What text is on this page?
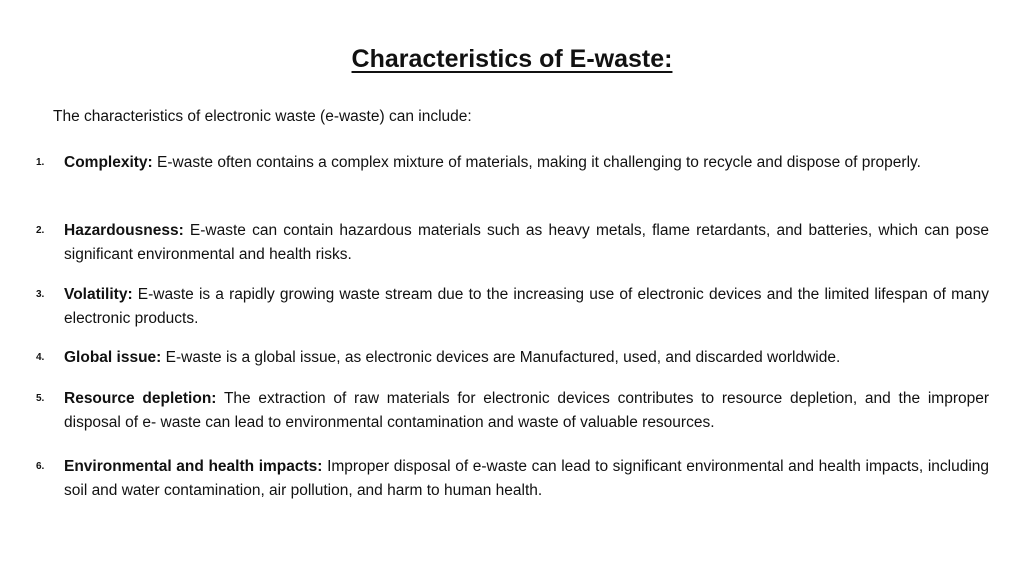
Characteristics of E-waste:

The characteristics of electronic waste (e-waste) can include:

1. Complexity: E-waste often contains a complex mixture of materials, making it challenging to recycle and dispose of properly.

2. Hazardousness: E-waste can contain hazardous materials such as heavy metals, flame retardants, and batteries, which can pose significant environmental and health risks.

3. Volatility: E-waste is a rapidly growing waste stream due to the increasing use of electronic devices and the limited lifespan of many electronic products.

4. Global issue: E-waste is a global issue, as electronic devices are Manufactured, used, and discarded worldwide.

5. Resource depletion: The extraction of raw materials for electronic devices contributes to resource depletion, and the improper disposal of e- waste can lead to environmental contamination and waste of valuable resources.

6. Environmental and health impacts: Improper disposal of e-waste can lead to significant environmental and health impacts, including soil and water contamination, air pollution, and harm to human health.
